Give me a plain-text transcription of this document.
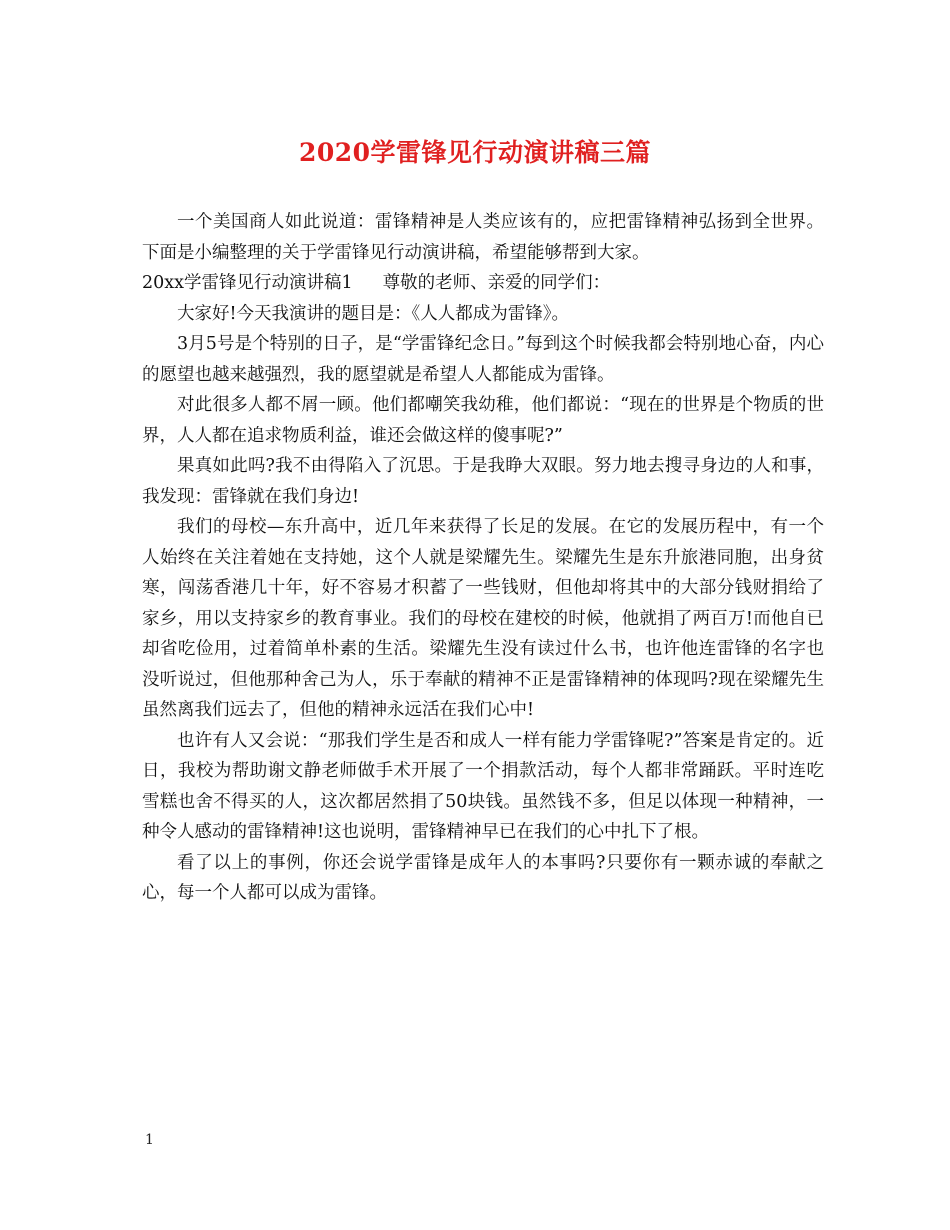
2020学雷锋见行动演讲稿三篇

一个美国商人如此说道：雷锋精神是人类应该有的，应把雷锋精神弘扬到全世界。下面是小编整理的关于学雷锋见行动演讲稿，希望能够帮到大家。

20xx学雷锋见行动演讲稿1 尊敬的老师、亲爱的同学们：

大家好!今天我演讲的题目是：《人人都成为雷锋》。

3月5号是个特别的日子，是“学雷锋纪念日。”每到这个时候我都会特别地心奋，内心的愿望也越来越强烈，我的愿望就是希望人人都能成为雷锋。

对此很多人都不屑一顾。他们都嘲笑我幼稚，他们都说：“现在的世界是个物质的世界，人人都在追求物质利益，谁还会做这样的傻事呢?”

果真如此吗?我不由得陷入了沉思。于是我睁大双眼。努力地去搜寻身边的人和事，我发现：雷锋就在我们身边!

我们的母校—东升高中，近几年来获得了长足的发展。在它的发展历程中，有一个人始终在关注着她在支持她，这个人就是梁耀先生。梁耀先生是东升旅港同胞，出身贫寒，闯荡香港几十年，好不容易才积蓄了一些钱财，但他却将其中的大部分钱财捐给了家乡，用以支持家乡的教育事业。我们的母校在建校的时候，他就捐了两百万!而他自已却省吃俭用，过着简单朴素的生活。梁耀先生没有读过什么书，也许他连雷锋的名字也没听说过，但他那种舍己为人，乐于奉献的精神不正是雷锋精神的体现吗?现在梁耀先生虽然离我们远去了，但他的精神永远活在我们心中!

也许有人又会说：“那我们学生是否和成人一样有能力学雷锋呢?”答案是肯定的。近日，我校为帮助谢文静老师做手术开展了一个捐款活动，每个人都非常踊跃。平时连吃雪糕也舍不得买的人，这次都居然捐了50块钱。虽然钱不多，但足以体现一种精神，一种令人感动的雷锋精神!这也说明，雷锋精神早已在我们的心中扎下了根。

看了以上的事例，你还会说学雷锋是成年人的本事吗?只要你有一颗赤诚的奉献之心，每一个人都可以成为雷锋。

1
